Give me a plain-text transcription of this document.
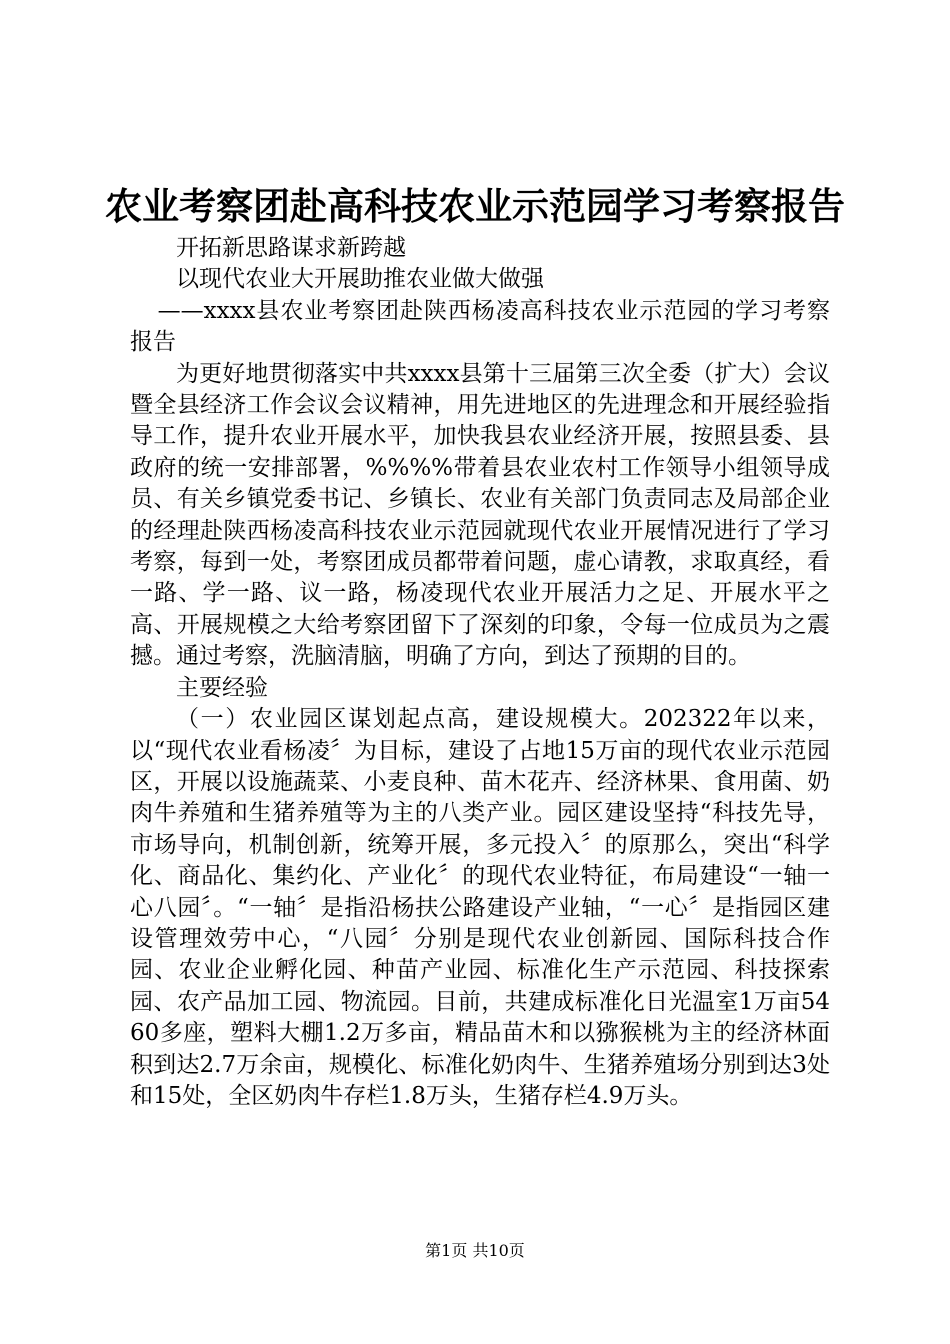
农业考察团赴高科技农业示范园学习考察报告

开拓新思路谋求新跨越

以现代农业大开展助推农业做大做强

——xxxx县农业考察团赴陕西杨凌高科技农业示范园的学习考察报告

为更好地贯彻落实中共xxxx县第十三届第三次全委（扩大）会议暨全县经济工作会议会议精神，用先进地区的先进理念和开展经验指导工作，提升农业开展水平，加快我县农业经济开展，按照县委、县政府的统一安排部署，%%%%带着县农业农村工作领导小组领导成员、有关乡镇党委书记、乡镇长、农业有关部门负责同志及局部企业的经理赴陕西杨凌高科技农业示范园就现代农业开展情况进行了学习考察，每到一处，考察团成员都带着问题，虚心请教，求取真经，看一路、学一路、议一路，杨凌现代农业开展活力之足、开展水平之高、开展规模之大给考察团留下了深刻的印象，令每一位成员为之震撼。通过考察，洗脑清脑，明确了方向，到达了预期的目的。

主要经验

（一）农业园区谋划起点高，建设规模大。202322年以来，以“现代农业看杨凌〞为目标，建设了占地15万亩的现代农业示范园区，开展以设施蔬菜、小麦良种、苗木花卉、经济林果、食用菌、奶肉牛养殖和生猪养殖等为主的八类产业。园区建设坚持“科技先导，市场导向，机制创新，统筹开展，多元投入〞的原那么，突出“科学化、商品化、集约化、产业化〞的现代农业特征，布局建设“一轴一心八园〞。“一轴〞是指沿杨扶公路建设产业轴，“一心〞是指园区建设管理效劳中心，“八园〞分别是现代农业创新园、国际科技合作园、农业企业孵化园、种苗产业园、标准化生产示范园、科技探索园、农产品加工园、物流园。目前，共建成标准化日光温室1万亩5460多座，塑料大棚1.2万多亩，精品苗木和以猕猴桃为主的经济林面积到达2.7万余亩，规模化、标准化奶肉牛、生猪养殖场分别到达3处和15处，全区奶肉牛存栏1.8万头，生猪存栏4.9万头。

第1页 共10页
